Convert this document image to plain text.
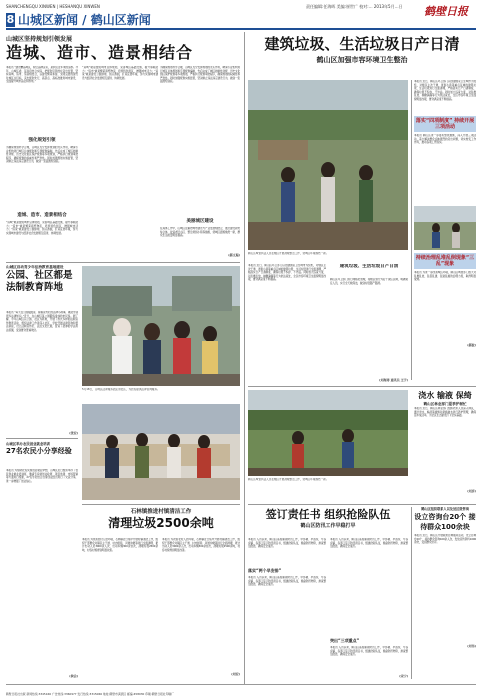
SHANCHENGQU XINWEN | HESHANQU XINWEN	责任编辑:任海晖 美编:崔世广 校对:… 2013年5月…日 鹤壁日报
8 山城区新闻 / 鹤山区新闻
山城区坚持规划引领发展
造城、造市、造景相结合
本报讯 “建设精品城区，树立品牌意识，是我们近年来的追求。今年，山城区委、区政府结合实际，把规划引领放在突出位置，坚持造城、造市、造景相结合，以建设繁荣和谐、文明宜居的现代化城区为目标，突出规划先行，高起点、高标准推进城市建设，全面提升城市品位和形象。”
强化规划引领
为确保规划科学合理，山城区充分发挥规划的龙头作用，聘请专业机构进行城区总体规划和专项规划编制，先后完成了城区控制性详规、历史文化街区保护规划等多项规划，严格执行规划审批程序，确保规划的权威性和严肃性。同时加强规划实施监管，坚决制止违法违章建设行为，做到一张蓝图绘到底。
造城、造市、造景相结合
“造城”就是按照城市总体规划，完善城区基础设施，提升承载能力；“造市”就是繁荣商贸物流，培育特色街区，增强城市活力；“造景”就是建设公园绿地、街头游园，打造宜居环境，努力实现城市建设与经济社会发展相互促进、协调发展。
“造城”就是按照城市总体规划，完善城区基础设施，提升承载能力；“造市”就是繁荣商贸物流，培育特色街区，增强城市活力；“造景”就是建设公园绿地、街头游园，打造宜居环境，努力实现城市建设与经济社会发展相互促进、协调发展。
为确保规划科学合理，山城区充分发挥规划的龙头作用，聘请专业机构进行城区总体规划和专项规划编制，先后完成了城区控制性详规、历史文化街区保护规划等多项规划，严格执行规划审批程序，确保规划的权威性和严肃性。同时加强规划实施监管，坚决制止违法违章建设行为，做到一张蓝图绘到底。
美丽城区建设
在具体工作中，山城区注重把城市建设与产业发展相结合，通过建设商贸综合体、改造老旧小区、整治背街小巷等措施，使城区面貌焕然一新，群众生活质量明显提高。
(郝文瑞)
山城区启动青少年法治教育基地建设
公园、社区都是法制教育阵地
本报讯 “每天在公园散散步，看看宣传栏的法律小故事，就能学到很多法律知识。”近日，在山城区某公园锻炼身体的市民说。据了解，今年山城区以公园、社区为阵地，开展了形式多样的法制宣传教育活动，组织法律工作者深入社区、学校开展法律咨询和普法讲座，设立法制宣传栏、法治文化长廊，营造了浓厚的学法用法氛围，受到群众普遍欢迎。
(张宏)
5月18日，山城区法律服务团走进社区，为居民提供法律咨询服务。
山城区举办农民创业就业培训
27名农民小分享经验
本报讯 为帮助农民实现创业就业梦想，山城区近日组织举办了农民创业就业培训班，邀请专家就创业政策、项目选择、市场营销等方面进行授课，27名学员结合自身创业经历进行了交流分享，进一步增强了创业信心。
(侯会)
石林镇推进村镇清洁工作
清理垃圾2500余吨
本报讯 为改善农村人居环境，石林镇近日集中开展村镇清洁工作，组织干部群众对镇区主干道、村内街巷、河道沟渠等进行全面清理，累计出动人员3000余人次，出动车辆300余台次，清理垃圾2500余吨，村容村貌得到明显改善。
本报讯 为改善农村人居环境，石林镇近日集中开展村镇清洁工作，组织干部群众对镇区主干道、村内街巷、河道沟渠等进行全面清理，累计出动人员3000余人次，出动车辆300余台次，清理垃圾2500余吨，村容村貌得到明显改善。
(刘宏)
建筑垃圾、生活垃圾日产日清
鹤山区加强市容环境卫生整治
鹤山区城管执法人员在辖区开展清理整治工作，使城区环境焕然一新。
本报讯 近日，鹤山区环卫部门以创建国家卫生城市为契机，对辖区主次干道、背街小巷等重点区域的建筑垃圾、生活垃圾进行全面清理，严格落实日产日清制度，确保垃圾不积存、不外溢。同时加大巡查力度，对乱堆乱放、抛撒滴漏等行为依法查处，全区市容环境卫生面貌明显改观，群众满意度不断提高。
建筑垃圾、生活垃圾日产日清
鹤山区环卫部门实行网格化管理，将辖区划分为若干责任区域，明确责任人员，实行全天候保洁，做到垃圾随产随清。
(刘海涛 通讯员 王宇)
本报讯 近日，鹤山区环卫部门以创建国家卫生城市为契机，对辖区主次干道、背街小巷等重点区域的建筑垃圾、生活垃圾进行全面清理，严格落实日产日清制度，确保垃圾不积存、不外溢。同时加大巡查力度，对乱堆乱放、抛撒滴漏等行为依法查处，全区市容环境卫生面貌明显改观，群众满意度不断提高。
落实“四项制度” 持续开展三项活动
本报讯 鹤山区进一步落实整改措施，深入开展三项活动，着力解决群众反映强烈的突出问题，切实转变工作作风，推动各项工作落实。
持续治理乱堆乱倒现象“三乱”现象
本报讯 为进一步改善城区环境，鹤山区城管部门加大对乱堆乱放、乱搭乱建、乱贴乱画的治理力度，取得明显成效。
(郝波)
浇水 输液 保绮
鹤山区林业部门夏季护树忙
本报讯 近日，鹤山区林业部门组织技术人员深入林区，通过浇水、输液等措施对新植树木进行养护管理，确保苗木成活率，为全区生态建设打下坚实基础。
(刘彦)
鹤山区城管执法人员在辖区开展清理整治工作，使城区环境焕然一新。
签订责任书 组织抢险队伍
鹤山区防汛工作早稳打早
本报讯 入汛以来，鹤山区高度重视防汛工作，早部署、早落实，与各乡镇、各部门签订防汛责任书，组建抢险队伍，储备防汛物资，排查整治隐患，确保安全度汛。
落实“两个早安排”
本报讯 入汛以来，鹤山区高度重视防汛工作，早部署、早落实，与各乡镇、各部门签订防汛责任书，组建抢险队伍，储备防汛物资，排查整治隐患，确保安全度汛。
本报讯 入汛以来，鹤山区高度重视防汛工作，早部署、早落实，与各乡镇、各部门签订防汛责任书，组建抢险队伍，储备防汛物资，排查整治隐患，确保安全度汛。
突出“三项重点”
本报讯 入汛以来，鹤山区高度重视防汛工作，早部署、早落实，与各乡镇、各部门签订防汛责任书，组建抢险队伍，储备防汛物资，排查整治隐患，确保安全度汛。
(宋宁)
鹤山区组织联系人以及县区级咨询
设立咨询台20个 接待群众100余块
本报讯 近日，鹤山区开展政策咨询服务活动，设立咨询台20个，接待群众咨询100余人次，发放宣传资料1000余份，受到群众好评。
(刘伟)
鹤壁日报社出版 新闻热线:3345166 广告热线:3360977 发行热线:3315066 地址:鹤壁市淇滨区 邮编:458030 印刷:鹤壁日报社印刷厂
